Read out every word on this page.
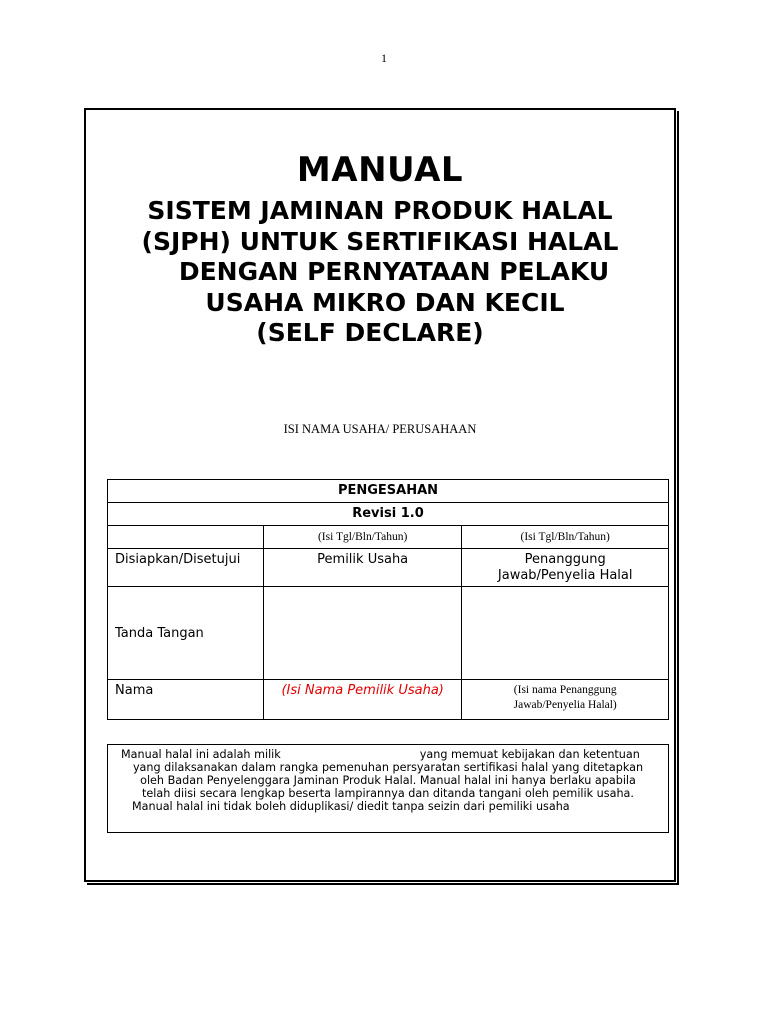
1
MANUAL
SISTEM JAMINAN PRODUK HALAL
(SJPH) UNTUK SERTIFIKASI HALAL
DENGAN PERNYATAAN PELAKU
USAHA MIKRO DAN KECIL
(SELF DECLARE)
ISI NAMA USAHA/ PERUSAHAAN
PENGESAHAN		
Revisi 1.0		
	(Isi Tgl/Bln/Tahun)	(Isi Tgl/Bln/Tahun)
Disiapkan/Disetujui	Pemilik Usaha	Penanggung
Jawab/Penyelia Halal

Tanda Tangan		
Nama	(Isi Nama Pemilik Usaha)	(Isi nama Penanggung
Jawab/Penyelia Halal)
Manual halal ini adalah milik	yang memuat kebijakan dan ketentuan
yang dilaksanakan dalam rangka pemenuhan persyaratan sertifikasi halal yang ditetapkan
oleh Badan Penyelenggara Jaminan Produk Halal. Manual halal ini hanya berlaku apabila
telah diisi secara lengkap beserta lampirannya dan ditanda tangani oleh pemilik usaha.
Manual halal ini tidak boleh diduplikasi/ diedit tanpa seizin dari pemiliki usaha
